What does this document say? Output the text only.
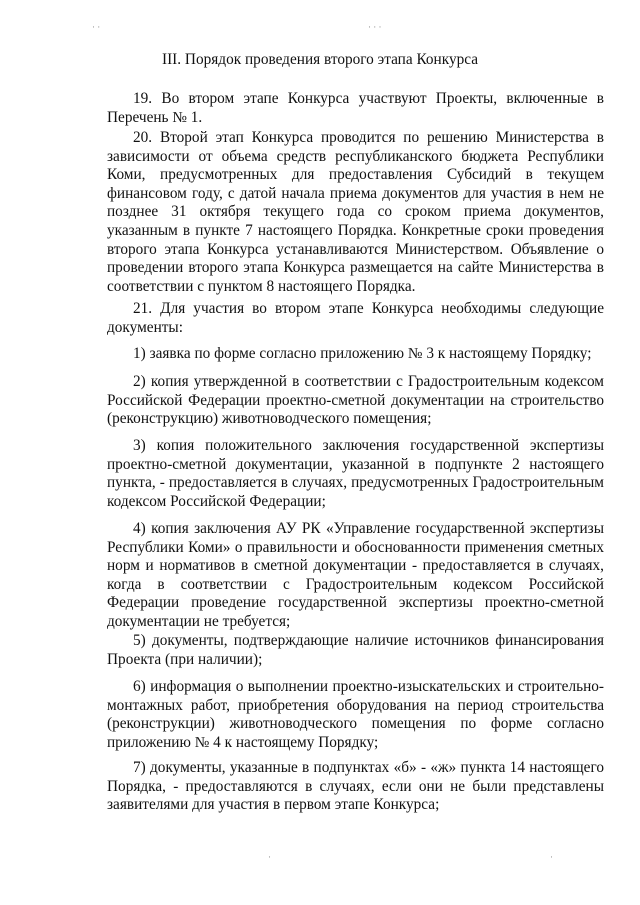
· ·	· · ·
III. Порядок проведения второго этапа Конкурса

19. Во втором этапе Конкурса участвуют Проекты, включенные в Перечень № 1.

20. Второй этап Конкурса проводится по решению Министерства в зависимости от объема средств республиканского бюджета Республики Коми, предусмотренных для предоставления Субсидий в текущем финансовом году, с датой начала приема документов для участия в нем не позднее 31 октября текущего года со сроком приема документов, указанным в пункте 7 настоящего Порядка. Конкретные сроки проведения второго этапа Конкурса устанавливаются Министерством. Объявление о проведении второго этапа Конкурса размещается на сайте Министерства в соответствии с пунктом 8 настоящего Порядка.

21. Для участия во втором этапе Конкурса необходимы следующие документы:

1) заявка по форме согласно приложению № 3 к настоящему Порядку;

2) копия утвержденной в соответствии с Градостроительным кодексом Российской Федерации проектно-сметной документации на строительство (реконструкцию) животноводческого помещения;

3) копия положительного заключения государственной экспертизы проектно-сметной документации, указанной в подпункте 2 настоящего пункта, - предоставляется в случаях, предусмотренных Градостроительным кодексом Российской Федерации;

4) копия заключения АУ РК «Управление государственной экспертизы Республики Коми» о правильности и обоснованности применения сметных норм и нормативов в сметной документации - предоставляется в случаях, когда в соответствии с Градостроительным кодексом Российской Федерации проведение государственной экспертизы проектно-сметной документации не требуется;

5) документы, подтверждающие наличие источников финансирования Проекта (при наличии);

6) информация о выполнении проектно-изыскательских и строительно-монтажных работ, приобретения оборудования на период строительства (реконструкции) животноводческого помещения по форме согласно приложению № 4 к настоящему Порядку;

7) документы, указанные в подпунктах «б» - «ж» пункта 14 настоящего Порядка, - предоставляются в случаях, если они не были представлены заявителями для участия в первом этапе Конкурса;

·	·
